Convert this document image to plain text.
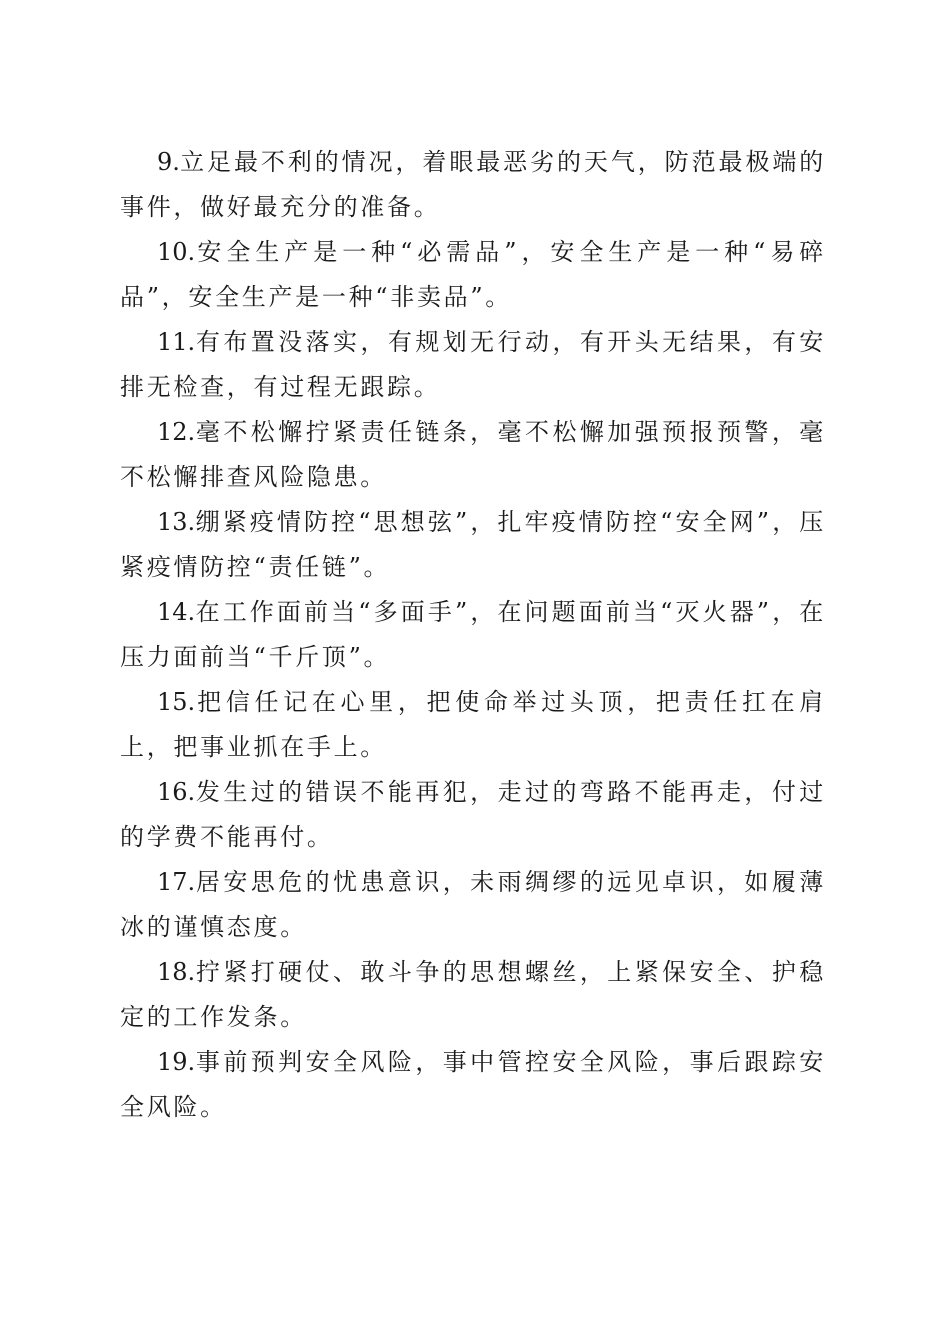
9.立足最不利的情况，着眼最恶劣的天气，防范最极端的事件，做好最充分的准备。

10.安全生产是一种“必需品”，安全生产是一种“易碎品”，安全生产是一种“非卖品”。

11.有布置没落实，有规划无行动，有开头无结果，有安排无检查，有过程无跟踪。

12.毫不松懈拧紧责任链条，毫不松懈加强预报预警，毫不松懈排查风险隐患。

13.绷紧疫情防控“思想弦”，扎牢疫情防控“安全网”，压紧疫情防控“责任链”。

14.在工作面前当“多面手”，在问题面前当“灭火器”，在压力面前当“千斤顶”。

15.把信任记在心里，把使命举过头顶，把责任扛在肩上，把事业抓在手上。

16.发生过的错误不能再犯，走过的弯路不能再走，付过的学费不能再付。

17.居安思危的忧患意识，未雨绸缪的远见卓识，如履薄冰的谨慎态度。

18.拧紧打硬仗、敢斗争的思想螺丝，上紧保安全、护稳定的工作发条。

19.事前预判安全风险，事中管控安全风险，事后跟踪安全风险。
